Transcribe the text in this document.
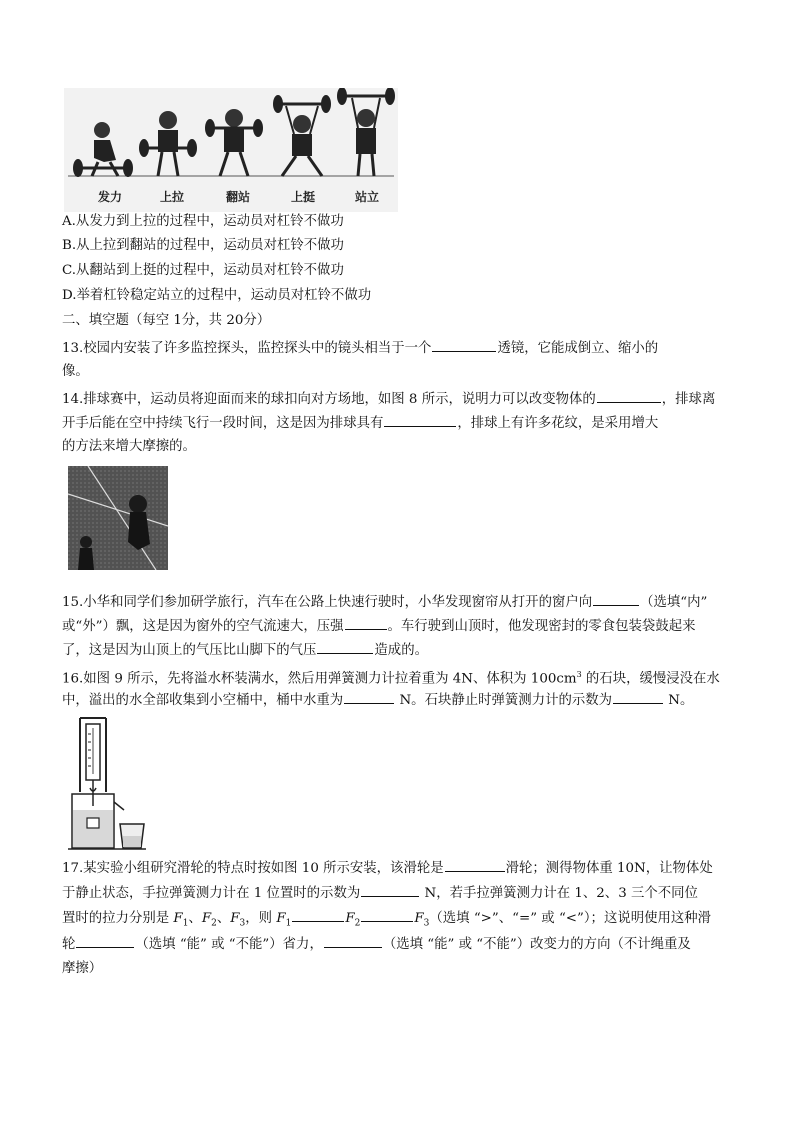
发力	上拉	翻站	上挺	站立
A.从发力到上拉的过程中，运动员对杠铃不做功
B.从上拉到翻站的过程中，运动员对杠铃不做功
C.从翻站到上挺的过程中，运动员对杠铃不做功
D.举着杠铃稳定站立的过程中，运动员对杠铃不做功
二、填空题（每空 1分，共 20分）
13.校园内安装了许多监控探头，监控探头中的镜头相当于一个	透镜，它能成倒立、缩小的
像。
14.排球赛中，运动员将迎面而来的球扣向对方场地，如图 8 所示，说明力可以改变物体的	，排球离
开手后能在空中持续飞行一段时间，这是因为排球具有	，排球上有许多花纹，是采用增大
的方法来增大摩擦的。
15.小华和同学们参加研学旅行，汽车在公路上快速行驶时，小华发现窗帘从打开的窗户向	（选填“内”
或“外”）飘，这是因为窗外的空气流速大，压强	。车行驶到山顶时，他发现密封的零食包装袋鼓起来
了，这是因为山顶上的气压比山脚下的气压	造成的。
16.如图 9 所示，先将溢水杯装满水，然后用弹簧测力计拉着重为 4N、体积为 $100cm^3$ 的石块，缓慢浸没在水
中，溢出的水全部收集到小空桶中，桶中水重为	N。石块静止时弹簧测力计的示数为	N。
17.某实验小组研究滑轮的特点时按如图 10 所示安装，该滑轮是	滑轮；测得物体重 10N，让物体处
于静止状态，手拉弹簧测力计在 1 位置时的示数为	N，若手拉弹簧测力计在 1、2、3 三个不同位
置时的拉力分别是 $F_1$、$F_2$、$F_3$，则 $F_1$	$F_2$	$F_3$（选填 “>”、“=” 或 “<”）；这说明使用这种滑
轮	（选填 “能” 或 “不能”）省力，	（选填 “能” 或 “不能”）改变力的方向（不计绳重及
摩擦）
